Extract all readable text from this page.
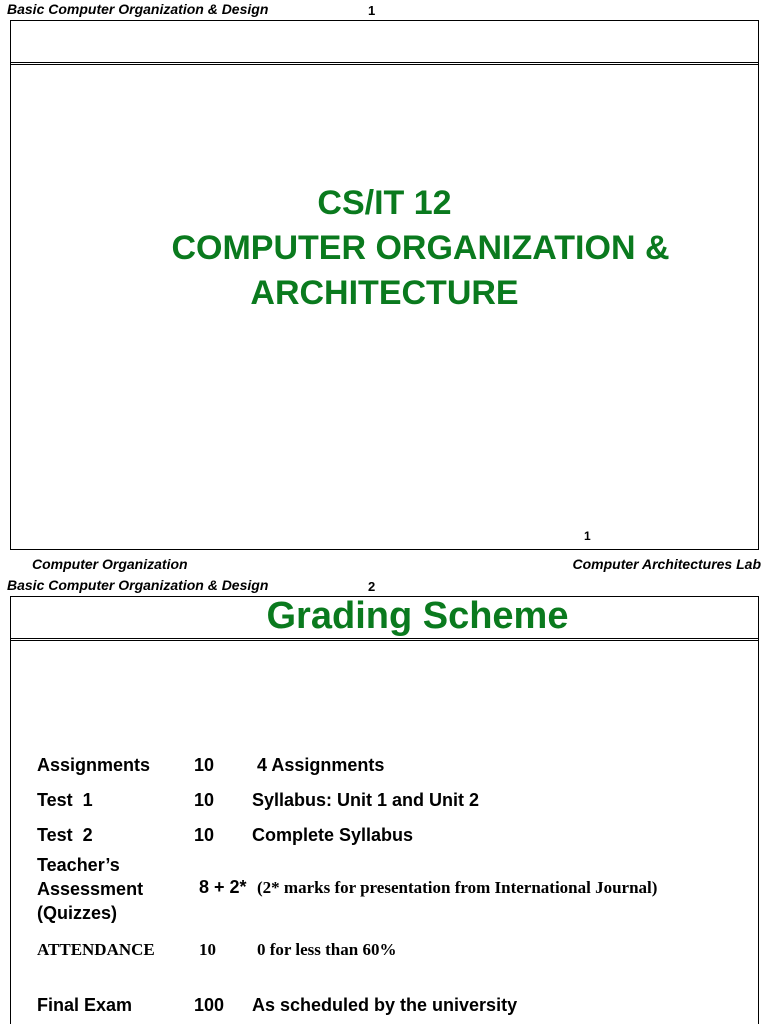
Basic Computer Organization & Design	1
CS/IT 12
COMPUTER ORGANIZATION &
ARCHITECTURE
1
Computer Organization	Computer Architectures Lab
Basic Computer Organization & Design	2
Grading Scheme
Assignments 10 4 Assignments
Test  1	10 Syllabus: Unit 1 and Unit 2
Test  2	10 Complete Syllabus
Teacher’s
Assessment
(Quizzes)
8 + 2* (2* marks for presentation from International Journal)
ATTENDANCE	10 0 for less than 60%
Final Exam	100 As scheduled by the university
